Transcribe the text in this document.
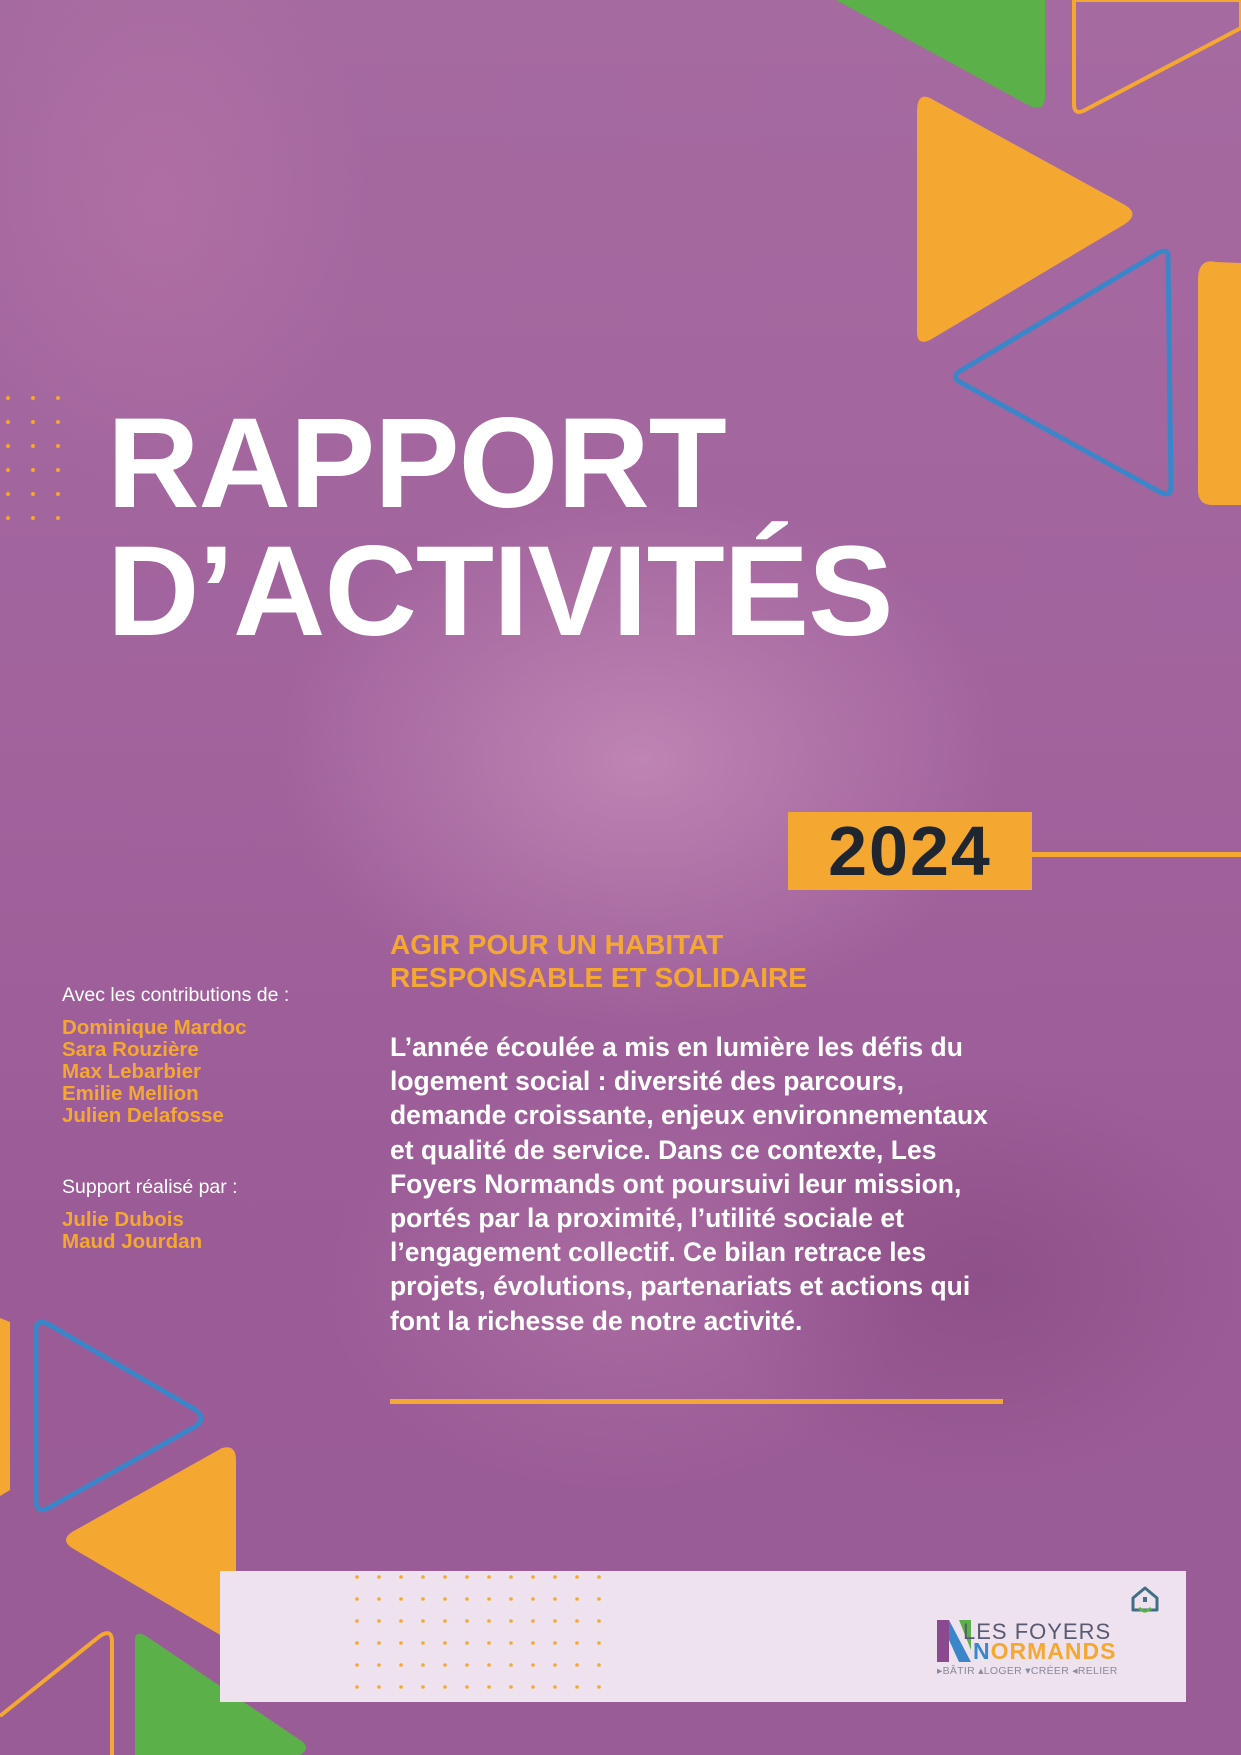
RAPPORT
D’ACTIVITÉS
2024
AGIR POUR UN HABITAT
RESPONSABLE ET SOLIDAIRE

L’année écoulée a mis en lumière les défis du logement social : diversité des parcours, demande croissante, enjeux environnementaux et qualité de service. Dans ce contexte, Les Foyers Normands ont poursuivi leur mission, portés par la proximité, l’utilité sociale et l’engagement collectif. Ce bilan retrace les projets, évolutions, partenariats et actions qui font la richesse de notre activité.

Avec les contributions de :

Dominique Mardoc
Sara Rouzière
Max Lebarbier
Emilie Mellion
Julien Delafosse

Support réalisé par :

Julie Dubois
Maud Jourdan
LES FOYERS
NORMANDS
▸BÂTIR ▴LOGER ▾CRÉER ◂RELIER
